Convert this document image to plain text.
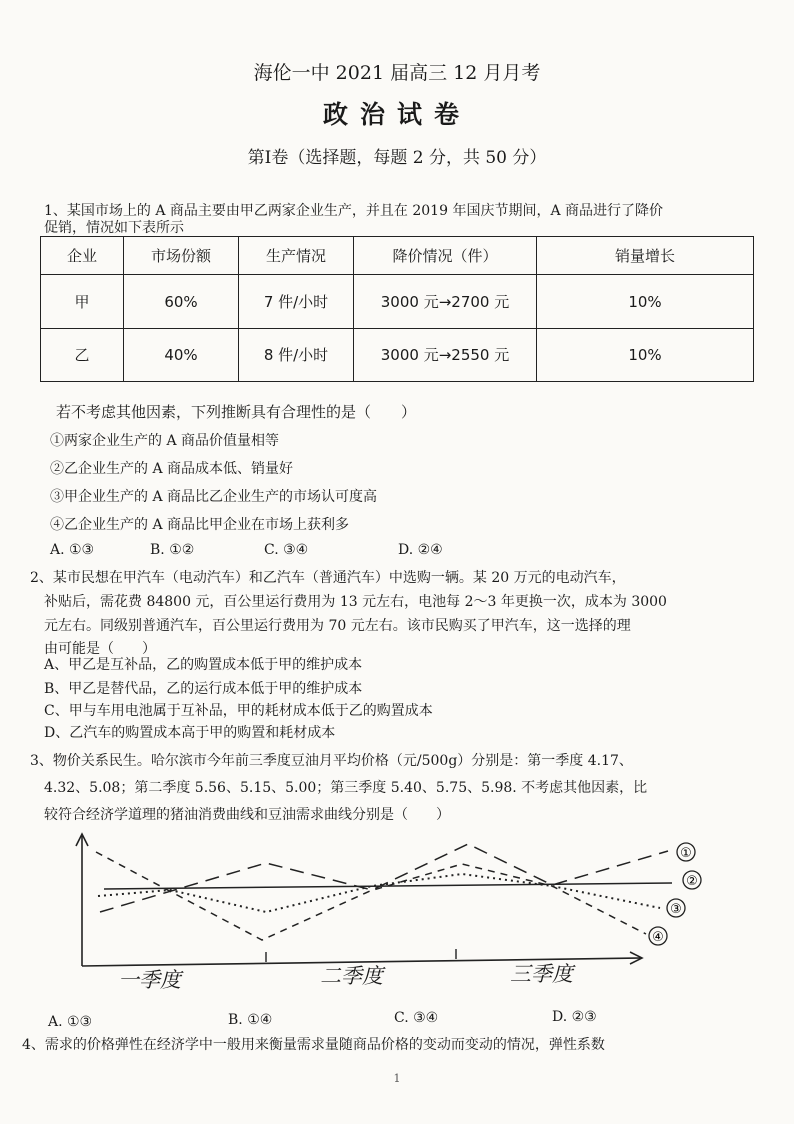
海伦一中 2021 届高三 12 月月考
政治试卷
第Ⅰ卷（选择题，每题 2 分，共 50 分）
1、某国市场上的 A 商品主要由甲乙两家企业生产，并且在 2019 年国庆节期间，A 商品进行了降价
促销，情况如下表所示
企业	市场份额	生产情况	降价情况（件）	销量增长
甲	60%	7 件/小时	3000 元→2700 元	10%
乙	40%	8 件/小时	3000 元→2550 元	10%
若不考虑其他因素，下列推断具有合理性的是（　　）
①两家企业生产的 A 商品价值量相等
②乙企业生产的 A 商品成本低、销量好
③甲企业生产的 A 商品比乙企业生产的市场认可度高
④乙企业生产的 A 商品比甲企业在市场上获利多
A. ①③	B. ①②	C. ③④	D. ②④
2、某市民想在甲汽车（电动汽车）和乙汽车（普通汽车）中选购一辆。某 20 万元的电动汽车，
补贴后，需花费 84800 元，百公里运行费用为 13 元左右，电池每 2～3 年更换一次，成本为 3000
元左右。同级别普通汽车，百公里运行费用为 70 元左右。该市民购买了甲汽车，这一选择的理
由可能是（　　）
A、甲乙是互补品，乙的购置成本低于甲的维护成本
B、甲乙是替代品，乙的运行成本低于甲的维护成本
C、甲与车用电池属于互补品，甲的耗材成本低于乙的购置成本
D、乙汽车的购置成本高于甲的购置和耗材成本
3、物价关系民生。哈尔滨市今年前三季度豆油月平均价格（元/500g）分别是：第一季度 4.17、
4.32、5.08；第二季度 5.56、5.15、5.00；第三季度 5.40、5.75、5.98. 不考虑其他因素，比
较符合经济学道理的猪油消费曲线和豆油需求曲线分别是（　　）
①
②
③
④
一季度	二季度	三季度
A. ①③	B. ①④	C. ③④	D. ②③
4、需求的价格弹性在经济学中一般用来衡量需求量随商品价格的变动而变动的情况，弹性系数
1
